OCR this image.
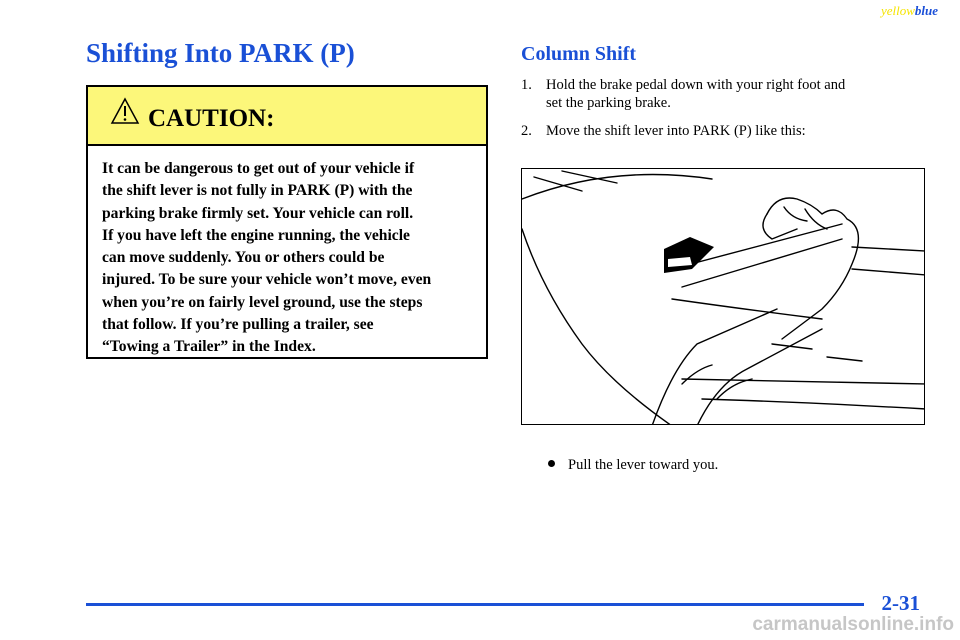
yellowblue
Shifting Into PARK (P)
CAUTION:
It can be dangerous to get out of your vehicle if
the shift lever is not fully in PARK (P) with the
parking brake firmly set. Your vehicle can roll.
If you have left the engine running, the vehicle
can move suddenly. You or others could be
injured. To be sure your vehicle won’t move, even
when you’re on fairly level ground, use the steps
that follow. If you’re pulling a trailer, see
“Towing a Trailer” in the Index.
Column Shift
1. Hold the brake pedal down with your right foot and
set the parking brake.
2. Move the shift lever into PARK (P) like this:
Pull the lever toward you.
2-31
carmanualsonline.info
